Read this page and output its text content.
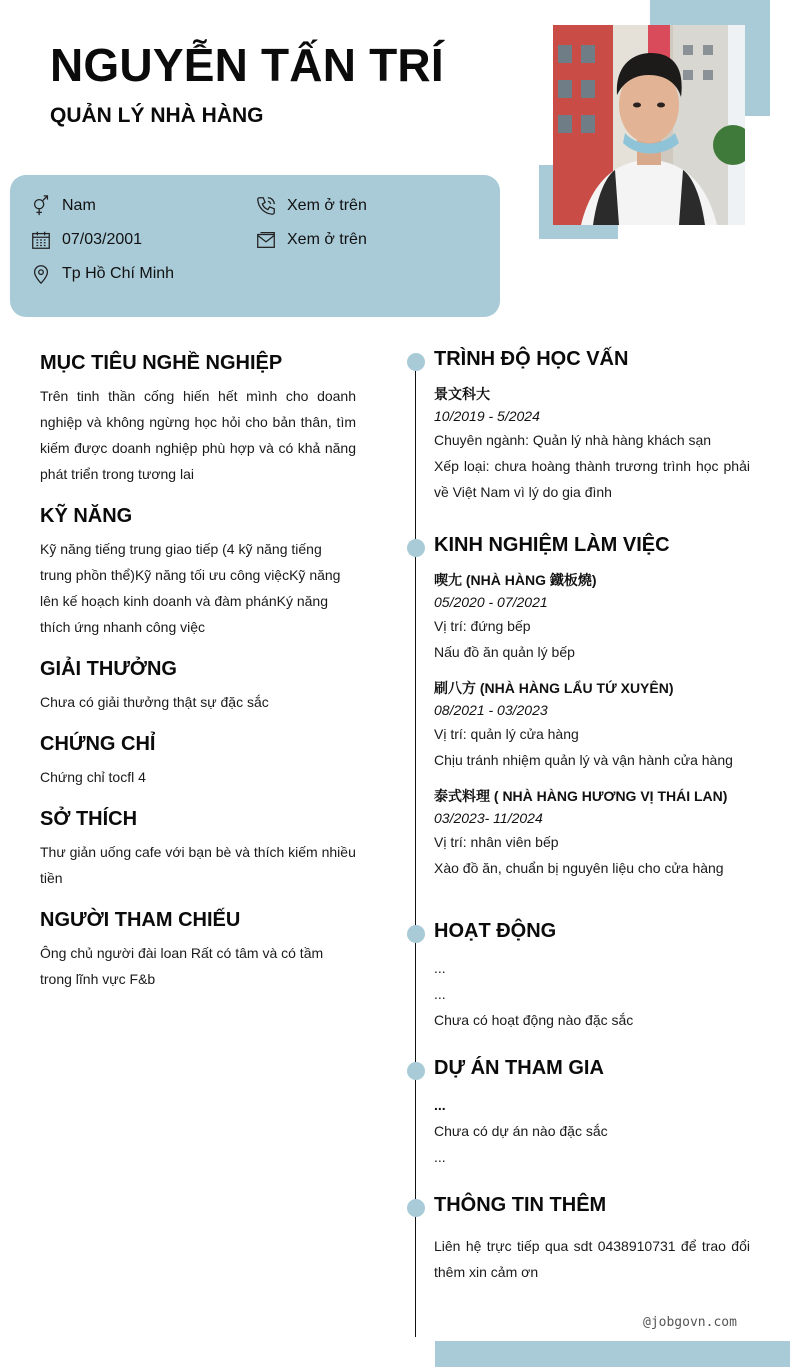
NGUYỄN TẤN TRÍ
QUẢN LÝ NHÀ HÀNG
Nam
07/03/2001
Tp Hồ Chí Minh
Xem ở trên
Xem ở trên
MỤC TIÊU NGHỀ NGHIỆP
Trên tinh thần cống hiến hết mình cho doanh nghiệp và không ngừng học hỏi cho bản thân, tìm kiếm được doanh nghiệp phù hợp và có khả năng phát triển trong tương lai
KỸ NĂNG
Kỹ năng tiếng trung giao tiếp (4 kỹ năng tiếng trung phồn thể)Kỹ năng tối ưu công việcKỹ năng lên kế hoạch kinh doanh và đàm phánKý năng thích ứng nhanh công việc
GIẢI THƯỞNG
Chưa có giải thưởng thật sự đặc sắc
CHỨNG CHỈ
Chứng chỉ tocfl 4
SỞ THÍCH
Thư giản uống cafe với bạn bè và thích kiếm nhiều tiền
NGƯỜI THAM CHIẾU
Ông chủ người đài loan Rất có tâm và có tầm trong lĩnh vực F&b
TRÌNH ĐỘ HỌC VẤN
景文科大
10/2019 - 5/2024
Chuyên ngành: Quản lý nhà hàng khách sạn
Xếp loại: chưa hoàng thành trương trình học phải về Việt Nam vì lý do gia đình
KINH NGHIỆM LÀM VIỆC
喫尢 (NHÀ HÀNG 鐵板燒)
05/2020 - 07/2021
Vị trí: đứng bếp
Nấu đồ ăn quản lý bếp
刷八方 (NHÀ HÀNG LẨU TỨ XUYÊN)
08/2021 - 03/2023
Vị trí: quản lý cửa hàng
Chịu tránh nhiệm quản lý và vận hành cửa hàng
泰式料理 ( NHÀ HÀNG HƯƠNG VỊ THÁI LAN)
03/2023- 11/2024
Vị trí: nhân viên bếp
Xào đồ ăn, chuẩn bị nguyên liệu cho cửa hàng
HOẠT ĐỘNG
...
...
Chưa có hoạt động nào đặc sắc
DỰ ÁN THAM GIA
...
Chưa có dự án nào đặc sắc
...
THÔNG TIN THÊM
Liên hệ trực tiếp qua sdt 0438910731 để trao đổi thêm xin cảm ơn
@jobgovn.com
